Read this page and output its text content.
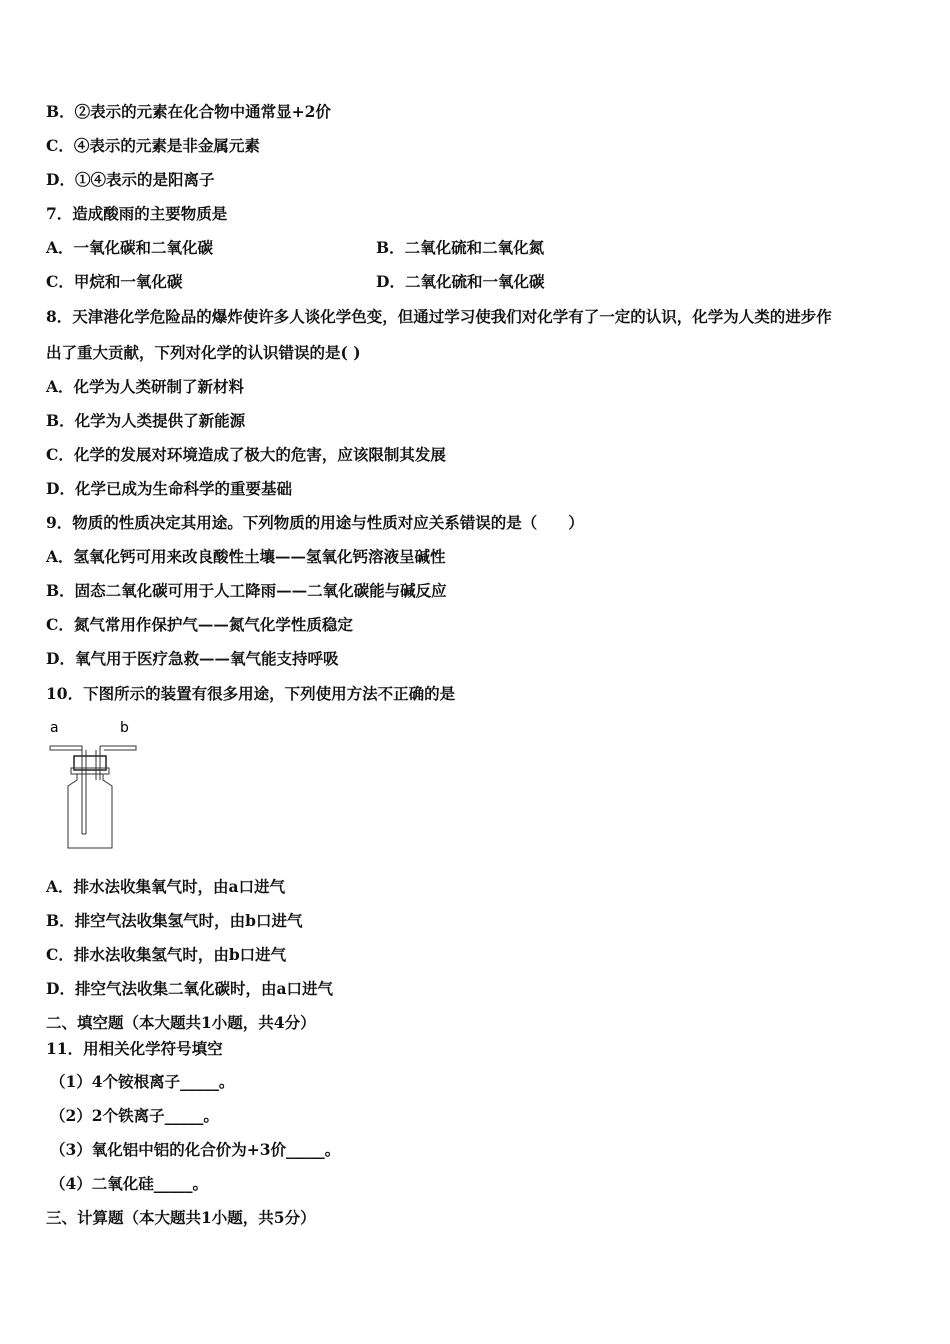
B．②表示的元素在化合物中通常显+2价
C．④表示的元素是非金属元素
D．①④表示的是阳离子
7．造成酸雨的主要物质是
A．一氧化碳和二氧化碳	B．二氧化硫和二氧化氮
C．甲烷和一氧化碳	D．二氧化硫和一氧化碳
8．天津港化学危险品的爆炸使许多人谈化学色变，但通过学习使我们对化学有了一定的认识，化学为人类的进步作
出了重大贡献，下列对化学的认识错误的是( )
A．化学为人类研制了新材料
B．化学为人类提供了新能源
C．化学的发展对环境造成了极大的危害，应该限制其发展
D．化学已成为生命科学的重要基础
9．物质的性质决定其用途。下列物质的用途与性质对应关系错误的是（　　）
A．氢氧化钙可用来改良酸性土壤——氢氧化钙溶液呈碱性
B．固态二氧化碳可用于人工降雨——二氧化碳能与碱反应
C．氮气常用作保护气——氮气化学性质稳定
D．氧气用于医疗急救——氧气能支持呼吸
10．下图所示的装置有很多用途，下列使用方法不正确的是
a	b
A．排水法收集氧气时，由a口进气
B．排空气法收集氢气时，由b口进气
C．排水法收集氢气时，由b口进气
D．排空气法收集二氧化碳时，由a口进气
二、填空题（本大题共1小题，共4分）
11．用相关化学符号填空
（1）4个铵根离子_____。
（2）2个铁离子_____。
（3）氧化铝中铝的化合价为+3价_____。
（4）二氧化硅_____。
三、计算题（本大题共1小题，共5分）
